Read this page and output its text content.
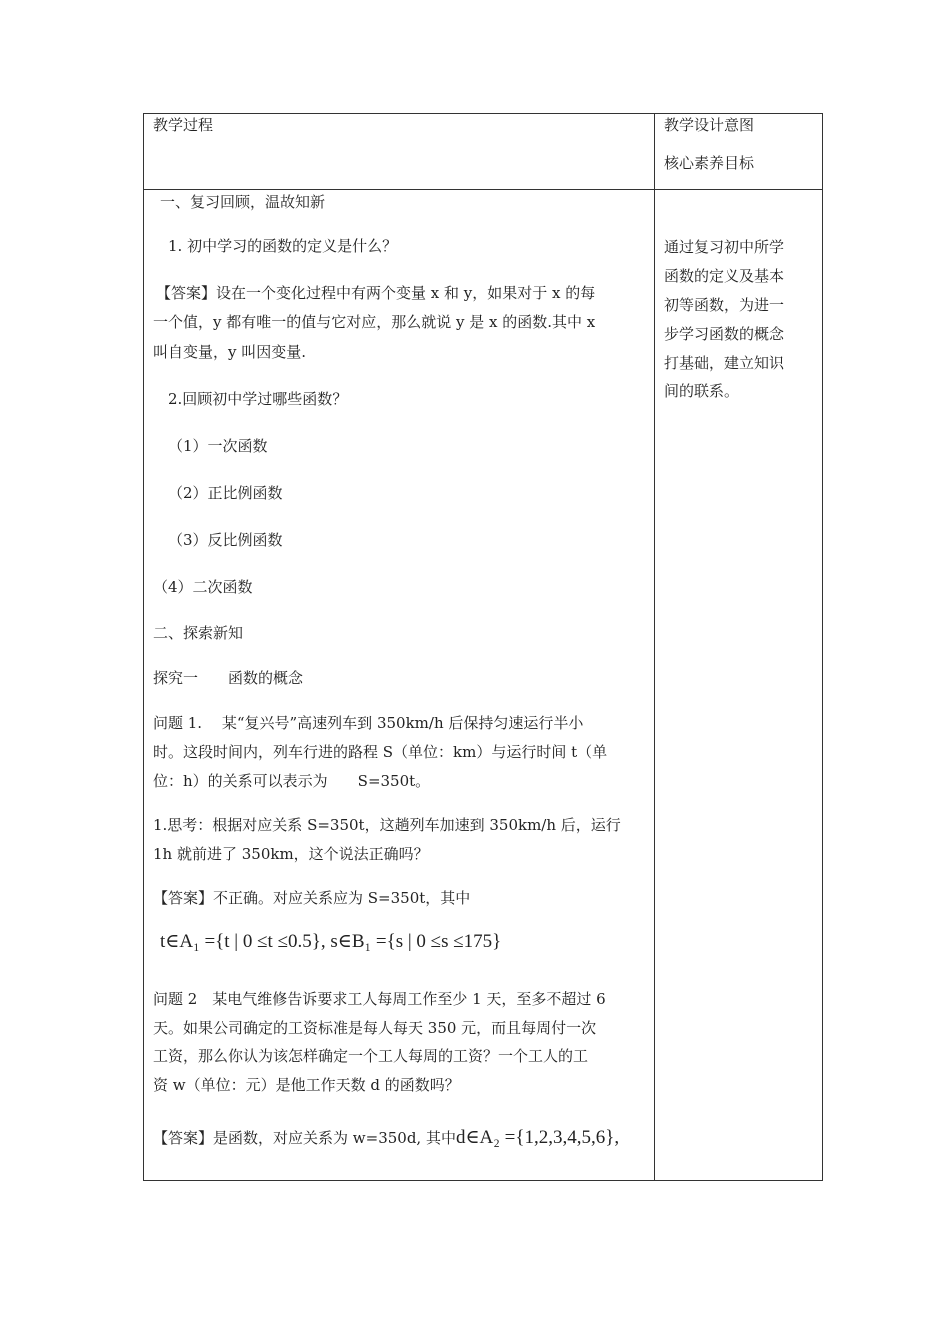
教学过程	教学设计意图
核心素养目标
通过复习初中所学
函数的定义及基本
初等函数，为进一
步学习函数的概念
打基础，建立知识
间的联系。
一、复习回顾，温故知新
1. 初中学习的函数的定义是什么？
【答案】设在一个变化过程中有两个变量 x 和 y，如果对于 x 的每
一个值，y 都有唯一的值与它对应，那么就说 y 是 x 的函数.其中 x
叫自变量，y 叫因变量.
2.回顾初中学过哪些函数？
（1）一次函数
（2）正比例函数
（3）反比例函数
（4）二次函数
二、探索新知
探究一　　函数的概念
问题 1.　 某“复兴号”高速列车到 350km/h 后保持匀速运行半小
时。这段时间内，列车行进的路程 S（单位：km）与运行时间 t（单
位：h）的关系可以表示为　　S=350t。
1.思考：根据对应关系 S=350t，这趟列车加速到 350km/h 后，运行
1h 就前进了 350km，这个说法正确吗？
【答案】不正确。对应关系应为 S=350t，其中
t∈A₁ ={t | 0 ≤t ≤0.5}, s∈B₁ ={s | 0 ≤s ≤175}
问题 2　某电气维修告诉要求工人每周工作至少 1 天，至多不超过 6
天。如果公司确定的工资标准是每人每天 350 元，而且每周付一次
工资，那么你认为该怎样确定一个工人每周的工资？一个工人的工
资 w（单位：元）是他工作天数 d 的函数吗？
【答案】是函数，对应关系为 w=350d, 其中d∈A₂ ={1,2,3,4,5,6},
